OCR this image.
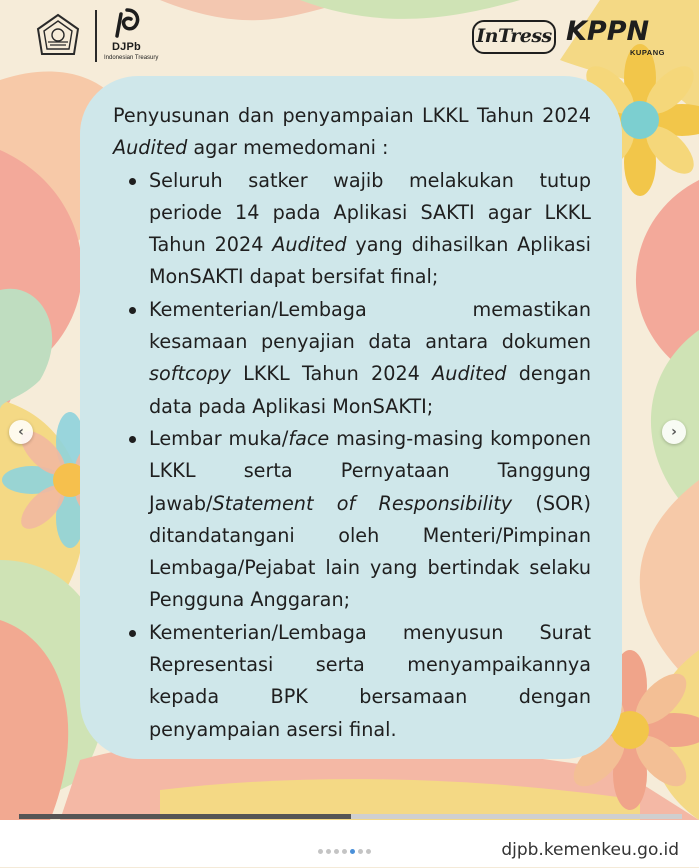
DJPb
Indonesian Treasury
InTress KPPN
KUPANG

Penyusunan dan penyampaian LKKL Tahun 2024 Audited agar memedomani :

Seluruh satker wajib melakukan tutup periode 14 pada Aplikasi SAKTI agar LKKL Tahun 2024 Audited yang dihasilkan Aplikasi MonSAKTI dapat bersifat final;
Kementerian/Lembaga memastikan kesamaan penyajian data antara dokumen softcopy LKKL Tahun 2024 Audited dengan data pada Aplikasi MonSAKTI;
Lembar muka/face masing-masing komponen LKKL serta Pernyataan Tanggung Jawab/Statement of Responsibility (SOR) ditandatangani oleh Menteri/Pimpinan Lembaga/Pejabat lain yang bertindak selaku Pengguna Anggaran;
Kementerian/Lembaga menyusun Surat Representasi serta menyampaikannya kepada BPK bersamaan dengan penyampaian asersi final.
‹	›
djpb.kemenkeu.go.id
